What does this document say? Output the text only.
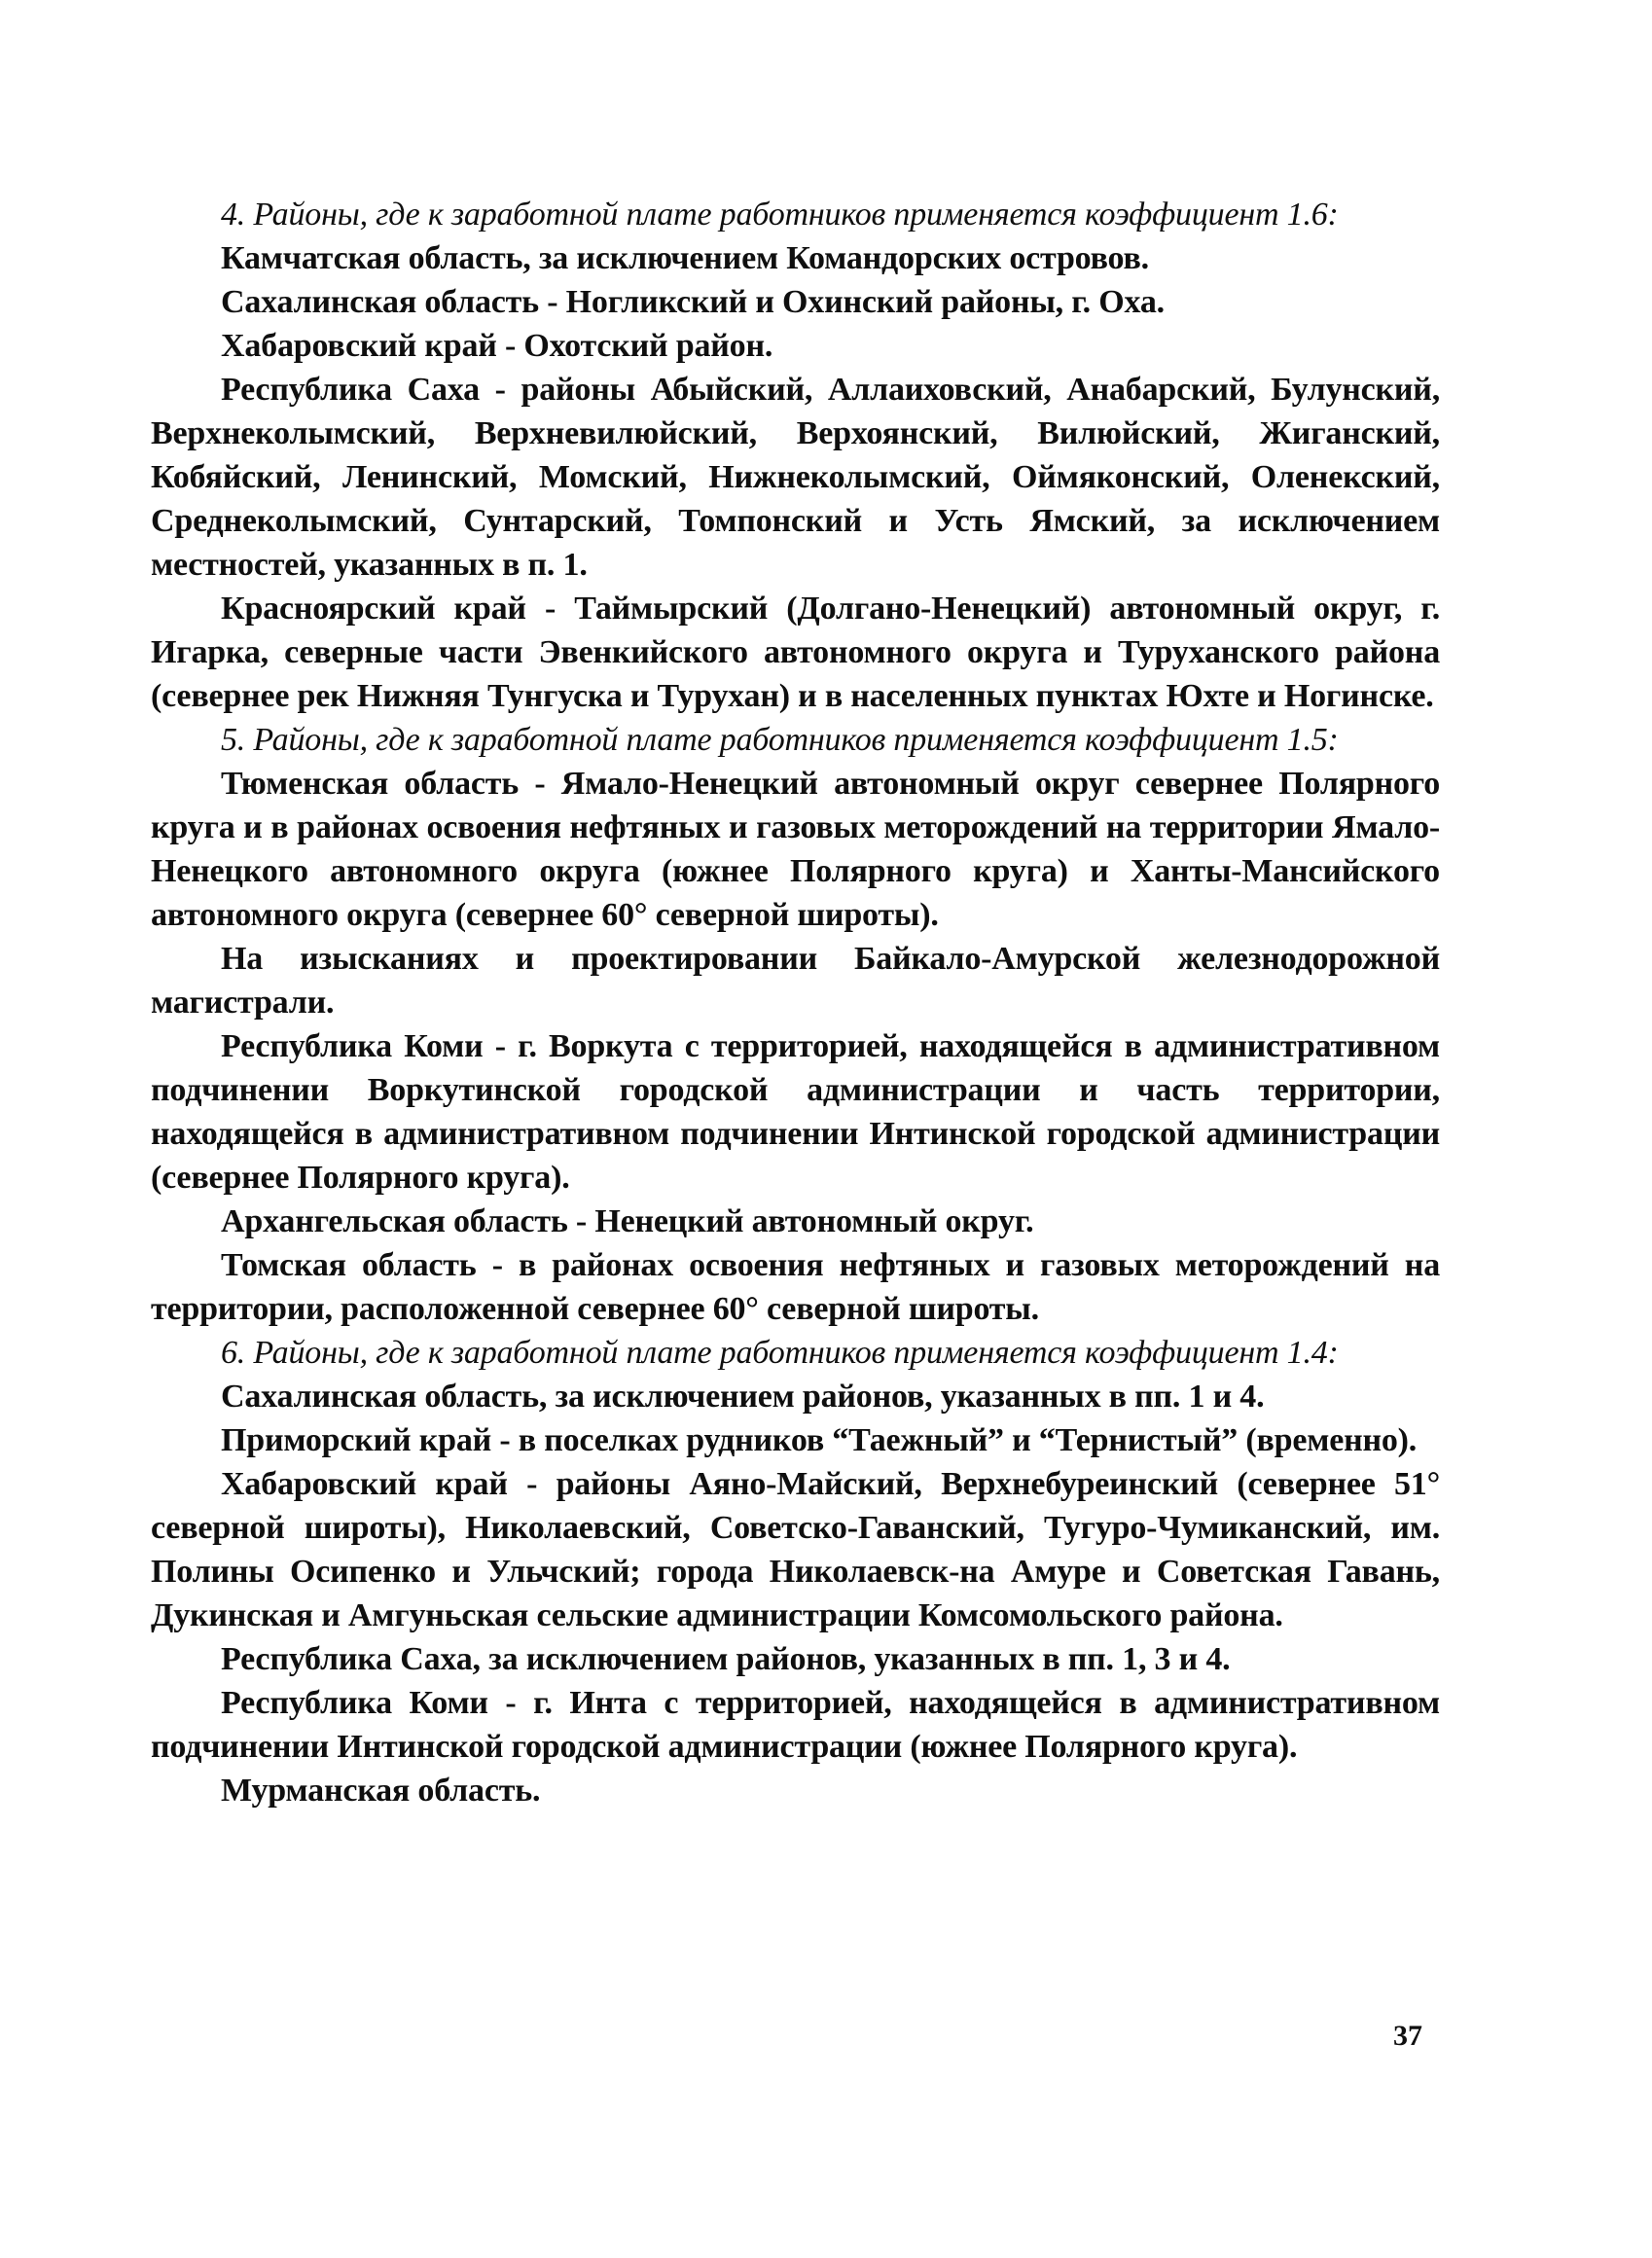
4. Районы, где к заработной плате работников применяется коэффициент 1.6:

Камчатская область, за исключением Командорских островов.

Сахалинская область - Ногликский и Охинский районы, г. Оха.

Хабаровский край - Охотский район.

Республика Саха - районы Абыйский, Аллаиховский, Анабарский, Булунский, Верхнеколымский, Верхневилюйский, Верхоянский, Вилюйский, Жиганский, Кобяйский, Ленинский, Момский, Нижнеколымский, Оймяконский, Оленекский, Среднеколымский, Сунтарский, Томпонский и Усть Ямский, за исключением местностей, указанных в п. 1.

Красноярский край - Таймырский (Долгано-Ненецкий) автономный округ, г. Игарка, северные части Эвенкийского автономного округа и Туруханского района (севернее рек Нижняя Тунгуска и Турухан) и в населенных пунктах Юхте и Ногинске.

5. Районы, где к заработной плате работников применяется коэффициент 1.5:

Тюменская область - Ямало-Ненецкий автономный округ севернее Полярного круга и в районах освоения нефтяных и газовых меторождений на территории Ямало-Ненецкого автономного округа (южнее Полярного круга) и Ханты-Мансийского автономного округа (севернее 60° северной широты).

На изысканиях и проектировании Байкало-Амурской железнодорожной магистрали.

Республика Коми - г. Воркута с территорией, находящейся в административном подчинении Воркутинской городской администрации и часть территории, находящейся в административном подчинении Интинской городской администрации (севернее Полярного круга).

Архангельская область - Ненецкий автономный округ.

Томская область - в районах освоения нефтяных и газовых меторождений на территории, расположенной севернее 60° северной широты.

6. Районы, где к заработной плате работников применяется коэффициент 1.4:

Сахалинская область, за исключением районов, указанных в пп. 1 и 4.

Приморский край - в поселках рудников “Таежный” и “Тернистый” (временно).

Хабаровский край - районы Аяно-Майский, Верхнебуреинский (севернее 51° северной широты), Николаевский, Советско-Гаванский, Тугуро-Чумиканский, им. Полины Осипенко и Ульчский; города Николаевск-на Амуре и Советская Гавань, Дукинская и Амгуньская сельские администрации Комсомольского района.

Республика Саха, за исключением районов, указанных в пп. 1, 3 и 4.

Республика Коми - г. Инта с территорией, находящейся в административном подчинении Интинской городской администрации (южнее Полярного круга).

Мурманская область.

37
